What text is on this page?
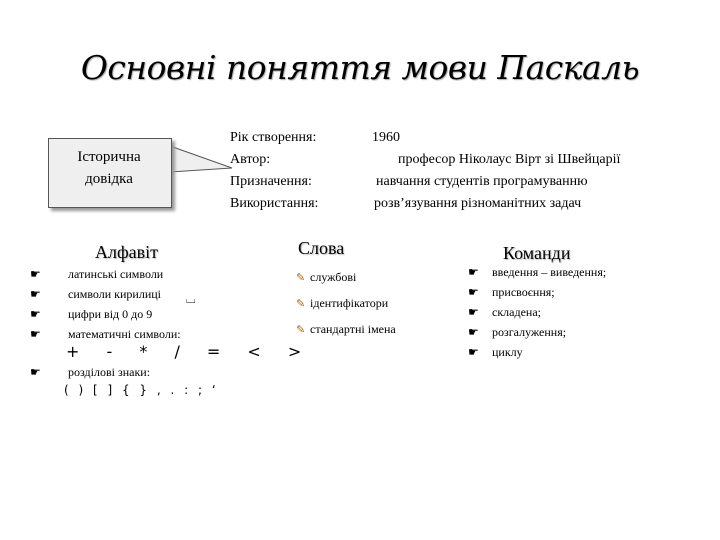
Основні поняття мови Паскаль
Історична
довідка
Рік створення:
Автор:
Призначення:
Використання:
1960
професор Ніколаус Вірт зі Швейцарії
навчання студентів програмуванню
розв’язування різноманітних задач
Алфавіт
☛ латинські символи
☛ символи кирилиці
☛ цифри від 0 до 9
☛ математичні символи:
⌴
+ - * / = < >
☛ розділові знаки:
( ) [ ] { } , . : ; ‘
Слова
✎ службові
✎ ідентифікатори
✎ стандартні імена
Команди
☛ введення – виведення;
☛ присвоєння;
☛ складена;
☛ розгалуження;
☛ циклу
